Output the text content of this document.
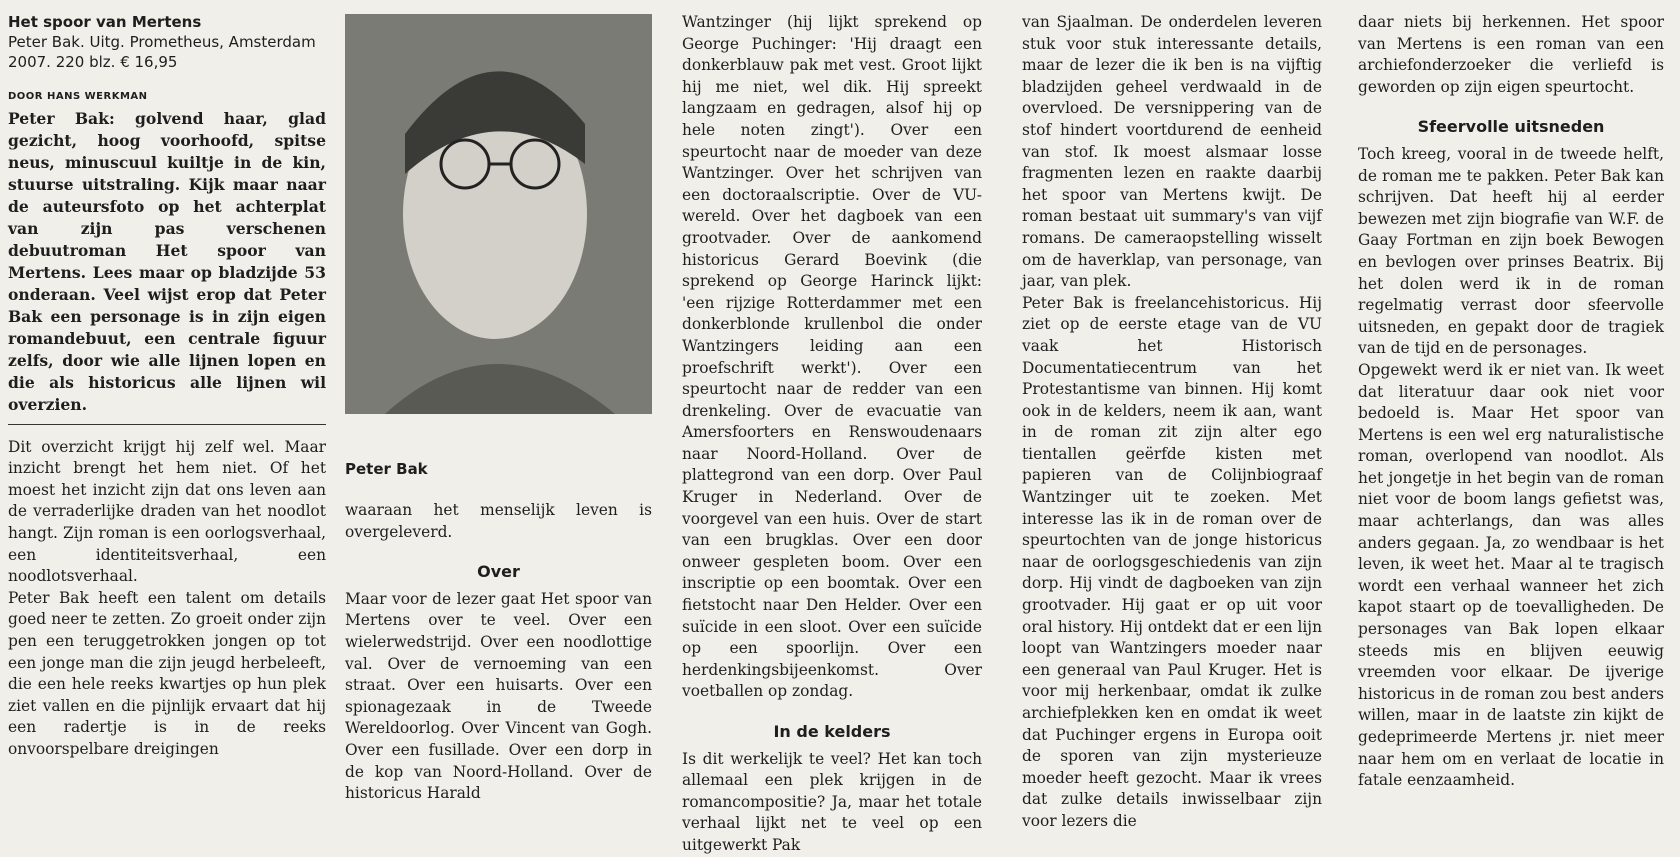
Het spoor van Mertens
Peter Bak. Uitg. Prometheus, Amsterdam
2007. 220 blz. € 16,95
DOOR HANS WERKMAN

Peter Bak: golvend haar, glad gezicht, hoog voorhoofd, spitse neus, minuscuul kuiltje in de kin, stuurse uitstraling. Kijk maar naar de auteursfoto op het achterplat van zijn pas verschenen debuutroman Het spoor van Mertens. Lees maar op bladzijde 53 onderaan. Veel wijst erop dat Peter Bak een personage is in zijn eigen romandebuut, een centrale figuur zelfs, door wie alle lijnen lopen en die als historicus alle lijnen wil overzien.

Dit overzicht krijgt hij zelf wel. Maar inzicht brengt het hem niet. Of het moest het inzicht zijn dat ons leven aan de verraderlijke draden van het noodlot hangt. Zijn roman is een oorlogsverhaal, een identiteitsverhaal, een noodlotsverhaal.

Peter Bak heeft een talent om details goed neer te zetten. Zo groeit onder zijn pen een teruggetrokken jongen op tot een jonge man die zijn jeugd herbeleeft, die een hele reeks kwartjes op hun plek ziet vallen en die pijnlijk ervaart dat hij een radertje is in de reeks onvoorspelbare dreigingen

Peter Bak

waaraan het menselijk leven is overgeleverd.

Over

Maar voor de lezer gaat Het spoor van Mertens over te veel. Over een wielerwedstrijd. Over een noodlottige val. Over de vernoeming van een straat. Over een huisarts. Over een spionagezaak in de Tweede Wereldoorlog. Over Vincent van Gogh. Over een fusillade. Over een dorp in de kop van Noord-Holland. Over de historicus Harald

Wantzinger (hij lijkt sprekend op George Puchinger: 'Hij draagt een donkerblauw pak met vest. Groot lijkt hij me niet, wel dik. Hij spreekt langzaam en gedragen, alsof hij op hele noten zingt'). Over een speurtocht naar de moeder van deze Wantzinger. Over het schrijven van een doctoraalscriptie. Over de VU-wereld. Over het dagboek van een grootvader. Over de aankomend historicus Gerard Boevink (die sprekend op George Harinck lijkt: 'een rijzige Rotterdammer met een donkerblonde krullenbol die onder Wantzingers leiding aan een proefschrift werkt'). Over een speurtocht naar de redder van een drenkeling. Over de evacuatie van Amersfoorters en Renswoudenaars naar Noord-Holland. Over de plattegrond van een dorp. Over Paul Kruger in Nederland. Over de voorgevel van een huis. Over de start van een brugklas. Over een door onweer gespleten boom. Over een inscriptie op een boomtak. Over een fietstocht naar Den Helder. Over een suïcide in een sloot. Over een suïcide op een spoorlijn. Over een herdenkingsbijeenkomst. Over voetballen op zondag.

In de kelders

Is dit werkelijk te veel? Het kan toch allemaal een plek krijgen in de romancompositie? Ja, maar het totale verhaal lijkt net te veel op een uitgewerkt Pak

van Sjaalman. De onderdelen leveren stuk voor stuk interessante details, maar de lezer die ik ben is na vijftig bladzijden geheel verdwaald in de overvloed. De versnippering van de stof hindert voortdurend de eenheid van stof. Ik moest alsmaar losse fragmenten lezen en raakte daarbij het spoor van Mertens kwijt. De roman bestaat uit summary's van vijf romans. De cameraopstelling wisselt om de haverklap, van personage, van jaar, van plek.

Peter Bak is freelancehistoricus. Hij ziet op de eerste etage van de VU vaak het Historisch Documentatiecentrum van het Protestantisme van binnen. Hij komt ook in de kelders, neem ik aan, want in de roman zit zijn alter ego tientallen geërfde kisten met papieren van de Colijnbiograaf Wantzinger uit te zoeken. Met interesse las ik in de roman over de speurtochten van de jonge historicus naar de oorlogsgeschiedenis van zijn dorp. Hij vindt de dagboeken van zijn grootvader. Hij gaat er op uit voor oral history. Hij ontdekt dat er een lijn loopt van Wantzingers moeder naar een generaal van Paul Kruger. Het is voor mij herkenbaar, omdat ik zulke archiefplekken ken en omdat ik weet dat Puchinger ergens in Europa ooit de sporen van zijn mysterieuze moeder heeft gezocht. Maar ik vrees dat zulke details inwisselbaar zijn voor lezers die

daar niets bij herkennen. Het spoor van Mertens is een roman van een archiefonderzoeker die verliefd is geworden op zijn eigen speurtocht.

Sfeervolle uitsneden

Toch kreeg, vooral in de tweede helft, de roman me te pakken. Peter Bak kan schrijven. Dat heeft hij al eerder bewezen met zijn biografie van W.F. de Gaay Fortman en zijn boek Bewogen en bevlogen over prinses Beatrix. Bij het dolen werd ik in de roman regelmatig verrast door sfeervolle uitsneden, en gepakt door de tragiek van de tijd en de personages.

Opgewekt werd ik er niet van. Ik weet dat literatuur daar ook niet voor bedoeld is. Maar Het spoor van Mertens is een wel erg naturalistische roman, overlopend van noodlot. Als het jongetje in het begin van de roman niet voor de boom langs gefietst was, maar achterlangs, dan was alles anders gegaan. Ja, zo wendbaar is het leven, ik weet het. Maar al te tragisch wordt een verhaal wanneer het zich kapot staart op de toevalligheden. De personages van Bak lopen elkaar steeds mis en blijven eeuwig vreemden voor elkaar. De ijverige historicus in de roman zou best anders willen, maar in de laatste zin kijkt de gedeprimeerde Mertens jr. niet meer naar hem om en verlaat de locatie in fatale eenzaamheid.
